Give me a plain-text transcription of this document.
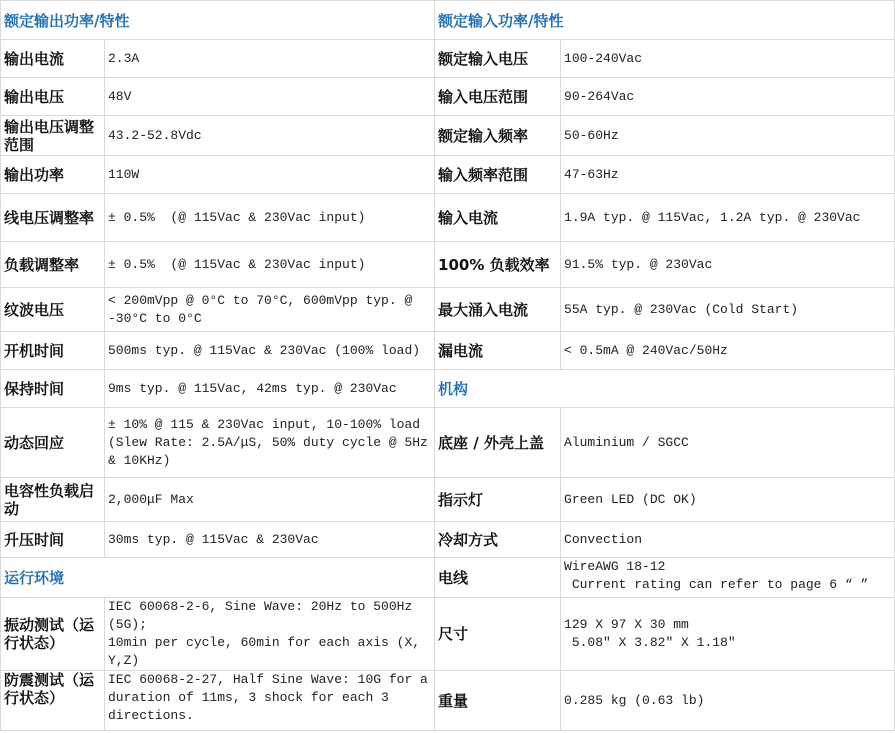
额定输出功率/特性		额定输入功率/特性	
输出电流	2.3A	额定输入电压	100-240Vac
输出电压	48V	输入电压范围	90-264Vac
输出电压调整范围	43.2-52.8Vdc	额定输入频率	50-60Hz
输出功率	110W	输入频率范围	47-63Hz
线电压调整率	± 0.5%  (@ 115Vac & 230Vac input)	输入电流	1.9A typ. @ 115Vac, 1.2A typ. @ 230Vac
负载调整率	± 0.5%  (@ 115Vac & 230Vac input)	100% 负载效率	91.5% typ. @ 230Vac
纹波电压	< 200mVpp @ 0°C to 70°C, 600mVpp typ. @ -30°C to 0°C	最大涌入电流	55A typ. @ 230Vac (Cold Start)
开机时间	500ms typ. @ 115Vac & 230Vac (100% load)	漏电流	< 0.5mA @ 240Vac/50Hz
保持时间	9ms typ. @ 115Vac, 42ms typ. @ 230Vac	机构	
动态回应	± 10% @ 115 & 230Vac input, 10-100% load (Slew Rate: 2.5A/μS, 50% duty cycle @ 5Hz & 10KHz)	底座 / 外壳上盖	Aluminium / SGCC
电容性负载启动	2,000μF Max	指示灯	Green LED (DC OK)
升压时间	30ms typ. @ 115Vac & 230Vac	冷却方式	Convection
运行环境		电线	WireAWG 18-12
Current rating can refer to page 6 “ ”
振动测试（运行状态）	IEC 60068-2-6, Sine Wave: 20Hz to 500Hz (5G);
10min per cycle, 60min for each axis (X, Y,Z)	尺寸	129 X 97 X 30 mm
5.08″ X 3.82″ X 1.18″
防震测试（运行状态）	IEC 60068-2-27, Half Sine Wave: 10G for a duration of 11ms, 3 shock for each 3 directions.	重量	0.285 kg (0.63 lb)
